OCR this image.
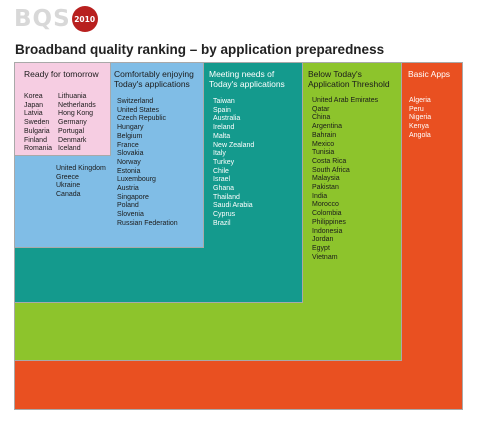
BQS 2010
Broadband quality ranking – by application preparedness
Ready for tomorrow
Korea
Japan
Latvia
Sweden
Bulgaria
Finland
Romania
Lithuania
Netherlands
Hong Kong
Germany
Portugal
Denmark
Iceland
United Kingdom
Greece
Ukraine
Canada
Comfortably enjoying
Today's applications
Switzerland
United States
Czech Republic
Hungary
Belgium
France
Slovakia
Norway
Estonia
Luxembourg
Austria
Singapore
Poland
Slovenia
Russian Federation
Meeting needs of
Today's applications
Taiwan
Spain
Australia
Ireland
Malta
New Zealand
Italy
Turkey
Chile
Israel
Ghana
Thailand
Saudi Arabia
Cyprus
Brazil
Below Today's
Application Threshold
United Arab Emirates
Qatar
China
Argentina
Bahrain
Mexico
Tunisia
Costa Rica
South Africa
Malaysia
Pakistan
India
Morocco
Colombia
Philippines
Indonesia
Jordan
Egypt
Vietnam
Basic Apps
Algeria
Peru
Nigeria
Kenya
Angola
